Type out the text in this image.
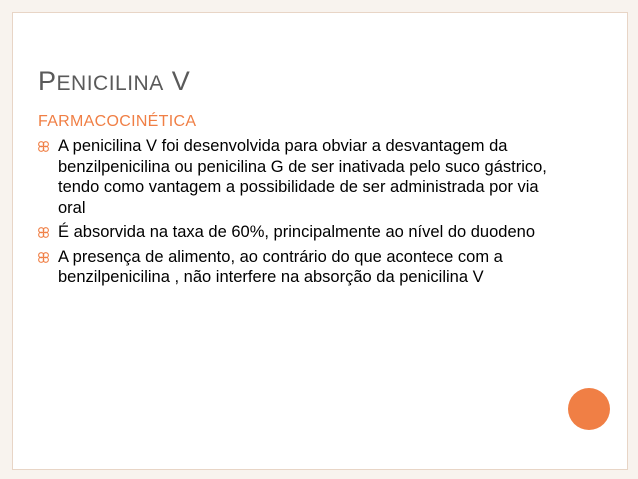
PENICILINA V
FARMACOCINÉTICA
A penicilina V foi desenvolvida para obviar a desvantagem da benzilpenicilina ou penicilina G de ser inativada pelo suco gástrico, tendo como vantagem a possibilidade de ser administrada por via oral
É absorvida na taxa de 60%, principalmente ao nível do duodeno
A presença de alimento, ao contrário do que acontece com a benzilpenicilina , não interfere na absorção da penicilina V
